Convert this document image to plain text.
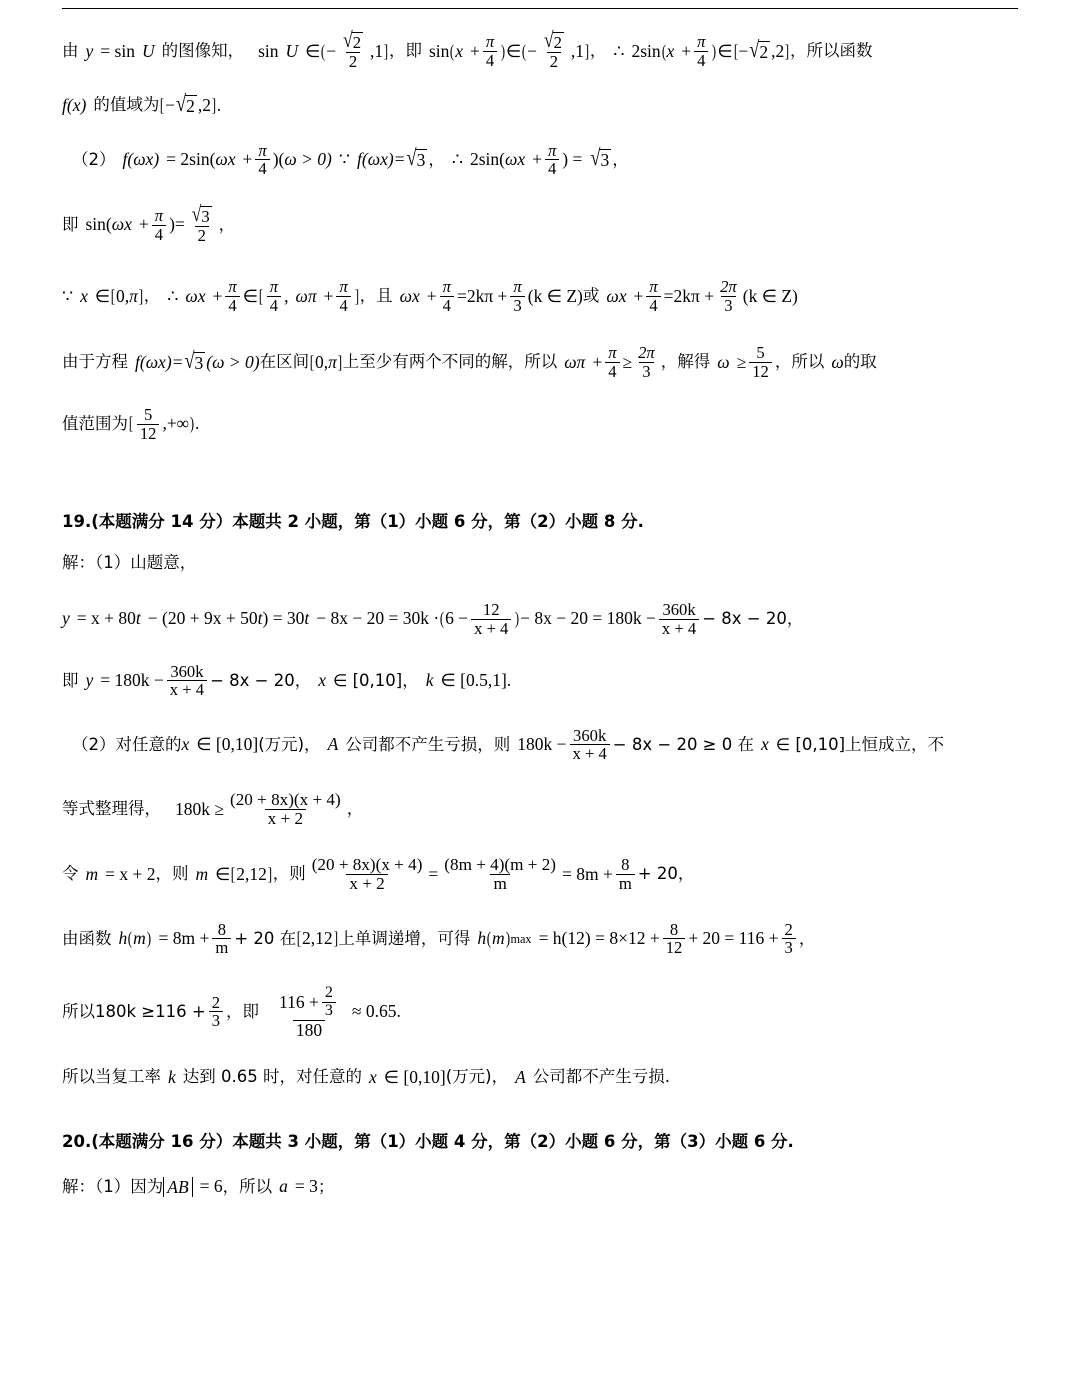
由 y = sin U 的图像知， sin U ∈ ( − $\frac{√ 2}{2} ,1$ ] ，即 sin ( $x + \frac{\pi}{4}$ ) ∈ ( − $\frac{√ 2}{2} ,1$ ] ， ∴ 2 sin ( $x + \frac{\pi}{4}$ ) ∈ [ − √ 2 ,2 ] ， 所以函数
f (x) 的值域为 [ − √ 2 ,2 ] .
（2） f (ωx) = 2sin( $\omega x + \frac{\pi}{4}$ )( ω > 0) ∵ f (ωx)= √ 3 ， ∴ 2sin( $\omega x + \frac{\pi}{4}$ ) = √ 3 ，
即 sin( $\omega x + \frac{\pi}{4}$ )= $\frac{√ 3}{2}$ ，
∵ x ∈ [ 0, π ] ， ∴ $\omega x + \frac{\pi}{4}$ ∈ [ $\frac{\pi}{4}$ , $\omega\pi + \frac{\pi}{4}$ ] ，且 $\omega x + \frac{\pi}{4} =2k\pi + \frac{\pi}{3} (k$ ∈ Z) 或 $\omega x + \frac{\pi}{4} =2k\pi + \frac{2\pi}{3} (k$ ∈ Z)
由于方程 f (ωx)= √ 3 (ω > 0) 在区间 [ 0, π ] 上至少有两个不同的解，所以 $\omega\pi + \frac{\pi}{4} \ge \frac{2\pi}{3}$ ，解得 $\omega \ge \frac{5}{12}$ ，所以 ω 的取
值范围为 [ $\frac{5}{12}$ ,+∞ ) .
19.(本题满分 14 分）本题共 2 小题，第（1）小题 6 分，第（2）小题 8 分.
解：（1）山题意，
y = x + 80 t − (20 + 9x + 50 t ) = 30 t − 8x − 20 = 30k · ( $6 - \frac{12}{x + 4}$ ) − $8x - 20 = 180k - \frac{360k}{x + 4} - 8x - 20$，
即 $y = 180k - \frac{360k}{x + 4} - 8x - 20$， x ∈ [0,10]， k ∈ [0.5,1].
（2） 对任意的 x ∈ [0,10] (万元)， A 公司都不产生亏损，则 $180k - \frac{360k}{x + 4} - 8x - 20 \ge 0$ 在 x ∈ [0,10]上恒成立，不
等式整理得， $180k \ge \frac{(20 + 8x)(x + 4)}{x + 2}$ ，
令 m = x + 2 ，则 m ∈ [ 2,12 ] ，则 $\frac{(20 + 8x)(x + 4)}{x + 2} = \frac{(8m + 4)(m + 2)}{m} = 8m + \frac{8}{m} + 20$，
由函数 h ( m ) = $8m + \frac{8}{m} + 20$ 在 [ 2,12 ] 上单调递增，可得 h ( m ) $\max = h(12) = 8\times 12 + \frac{8}{12} + 20 = 116 + \frac{2}{3}$ ，
所以$180k \ge 116 + \frac{2}{3}$ ，即 $\frac{116 + \frac{2}{3}}{180} \approx 0.65$ .
所以当复工率 k 达到 0.65 时，对任意的 x ∈ [0,10] (万元)， A 公司都不产生亏损.
20.(本题满分 16 分）本题共 3 小题，第（1）小题 4 分，第（2）小题 6 分，第（3）小题 6 分.
解：（1）因为 AB = 6 ，所以 a = 3 ；
